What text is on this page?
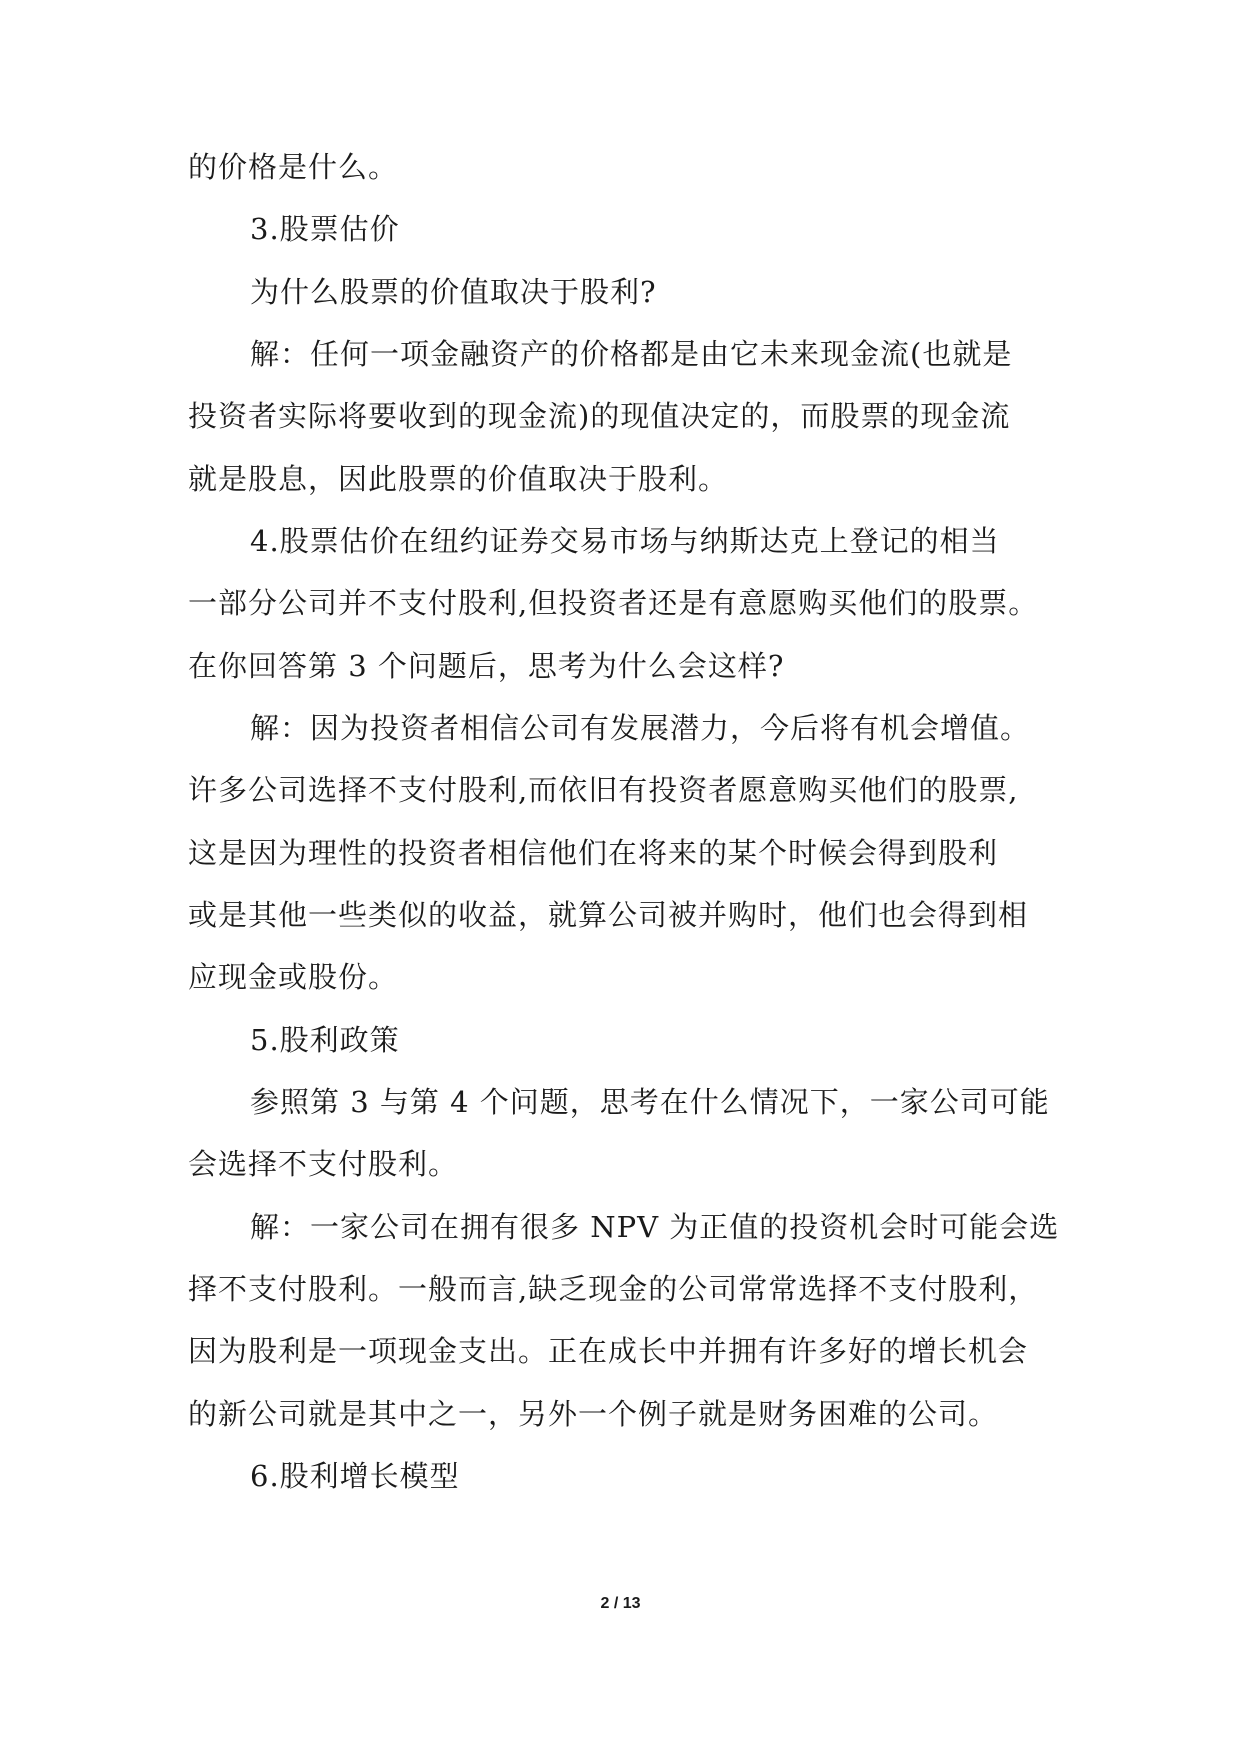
的价格是什么。
3.股票估价
为什么股票的价值取决于股利?
解：任何一项金融资产的价格都是由它未来现金流(也就是
投资者实际将要收到的现金流)的现值决定的，而股票的现金流
就是股息，因此股票的价值取决于股利。
4.股票估价在纽约证券交易市场与纳斯达克上登记的相当
一部分公司并不支付股利,但投资者还是有意愿购买他们的股票。
在你回答第 3 个问题后，思考为什么会这样?
解：因为投资者相信公司有发展潜力，今后将有机会增值。
许多公司选择不支付股利,而依旧有投资者愿意购买他们的股票,
这是因为理性的投资者相信他们在将来的某个时候会得到股利
或是其他一些类似的收益，就算公司被并购时，他们也会得到相
应现金或股份。
5.股利政策
参照第 3 与第 4 个问题，思考在什么情况下，一家公司可能
会选择不支付股利。
解：一家公司在拥有很多 NPV 为正值的投资机会时可能会选
择不支付股利。一般而言,缺乏现金的公司常常选择不支付股利，
因为股利是一项现金支出。正在成长中并拥有许多好的增长机会
的新公司就是其中之一，另外一个例子就是财务困难的公司。
6.股利增长模型
2 / 13
